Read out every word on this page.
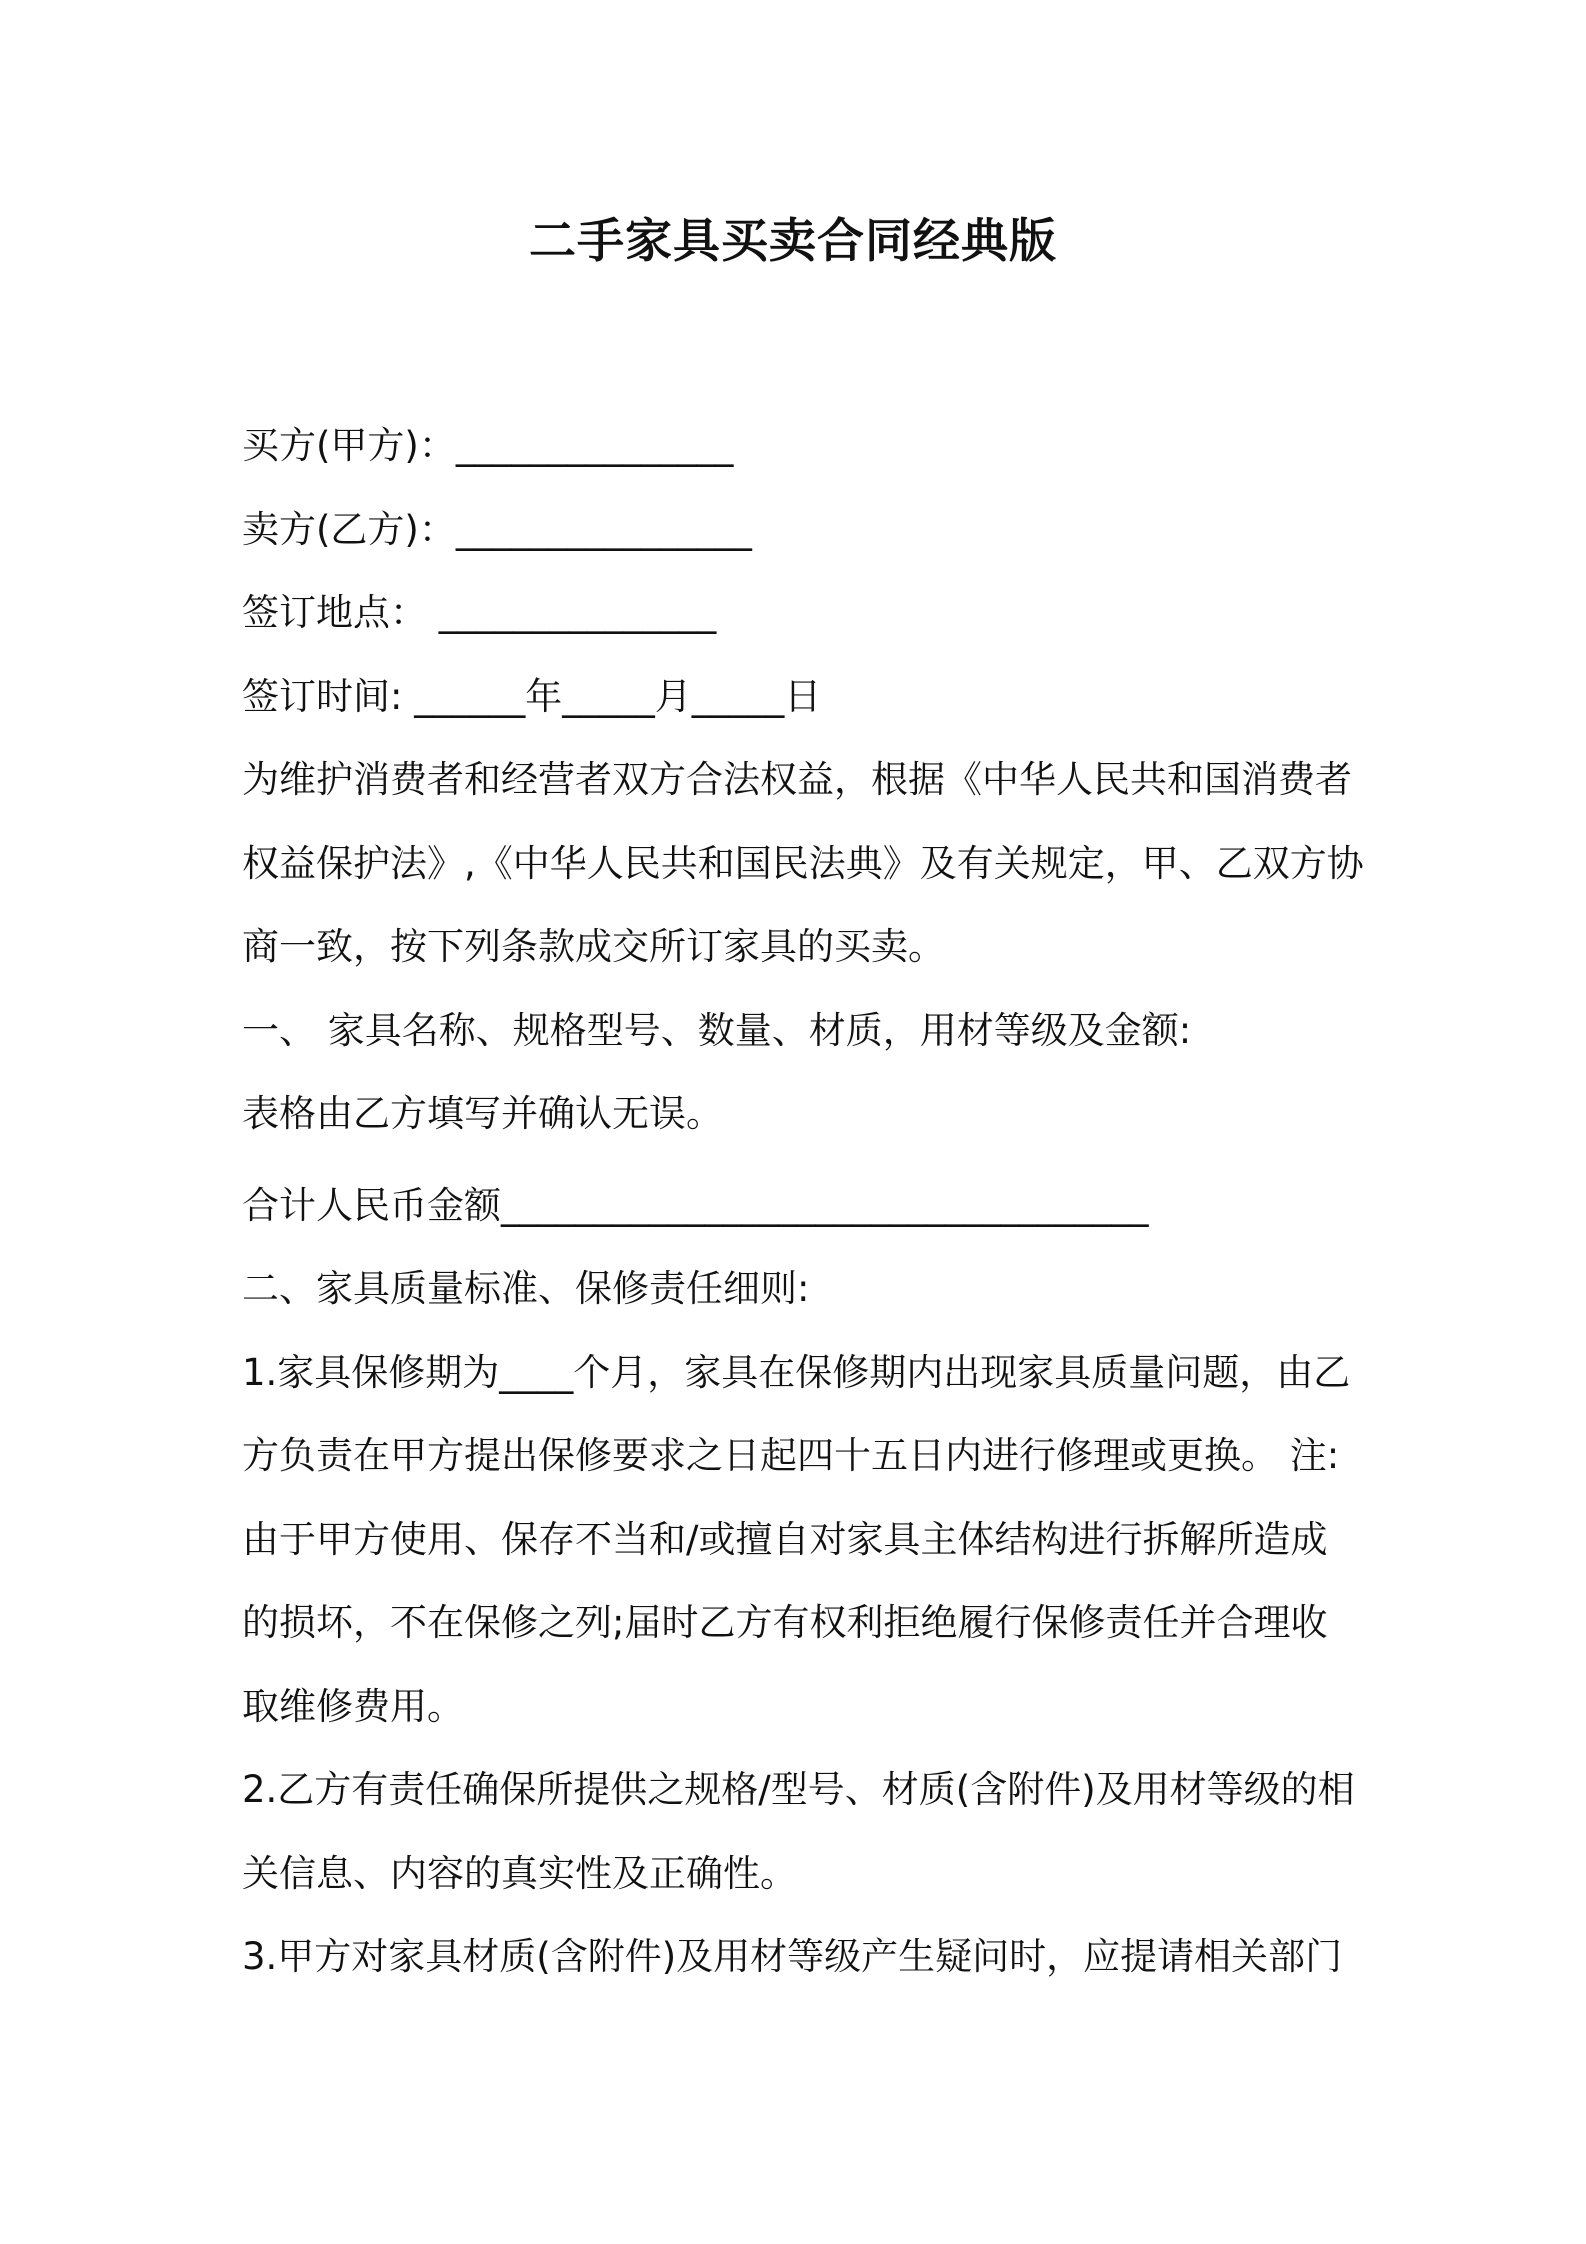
二手家具买卖合同经典版

买方(甲方)：_______________

卖方(乙方)：________________

签订地点： _______________

签订时间: ______年_____月_____日

为维护消费者和经营者双方合法权益，根据《中华人民共和国消费者

权益保护法》,《中华人民共和国民法典》及有关规定，甲、乙双方协

商一致，按下列条款成交所订家具的买卖。

一、 家具名称、规格型号、数量、材质，用材等级及金额:

表格由乙方填写并确认无误。

合计人民币金额___________________________________

二、家具质量标准、保修责任细则:

1.家具保修期为____个月，家具在保修期内出现家具质量问题，由乙

方负责在甲方提出保修要求之日起四十五日内进行修理或更换。 注:

由于甲方使用、保存不当和/或擅自对家具主体结构进行拆解所造成

的损坏，不在保修之列;届时乙方有权利拒绝履行保修责任并合理收

取维修费用。

2.乙方有责任确保所提供之规格/型号、材质(含附件)及用材等级的相

关信息、内容的真实性及正确性。

3.甲方对家具材质(含附件)及用材等级产生疑问时，应提请相关部门
